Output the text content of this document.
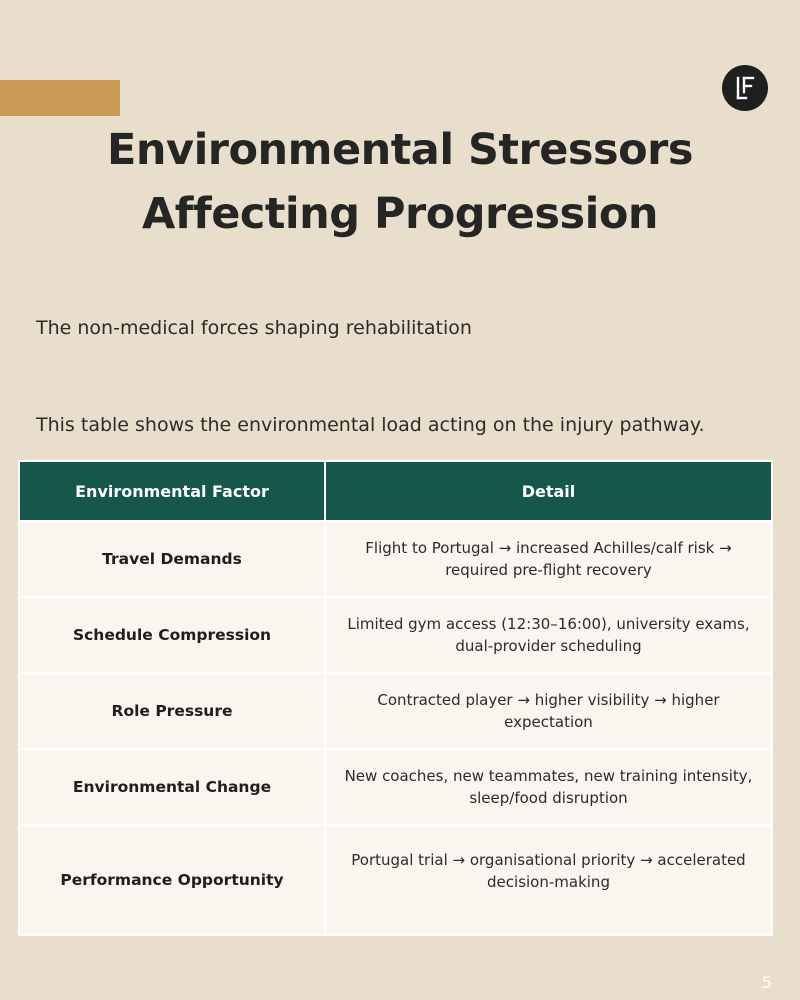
Environmental Stressors
Affecting Progression

The non-medical forces shaping rehabilitation

This table shows the environmental load acting on the injury pathway.

Environmental Factor	Detail
Travel Demands	Flight to Portugal → increased Achilles/calf risk → required pre-flight recovery
Schedule Compression	Limited gym access (12:30–16:00), university exams, dual-provider scheduling
Role Pressure	Contracted player → higher visibility → higher expectation
Environmental Change	New coaches, new teammates, new training intensity, sleep/food disruption
Performance Opportunity	Portugal trial → organisational priority → accelerated decision-making
5
